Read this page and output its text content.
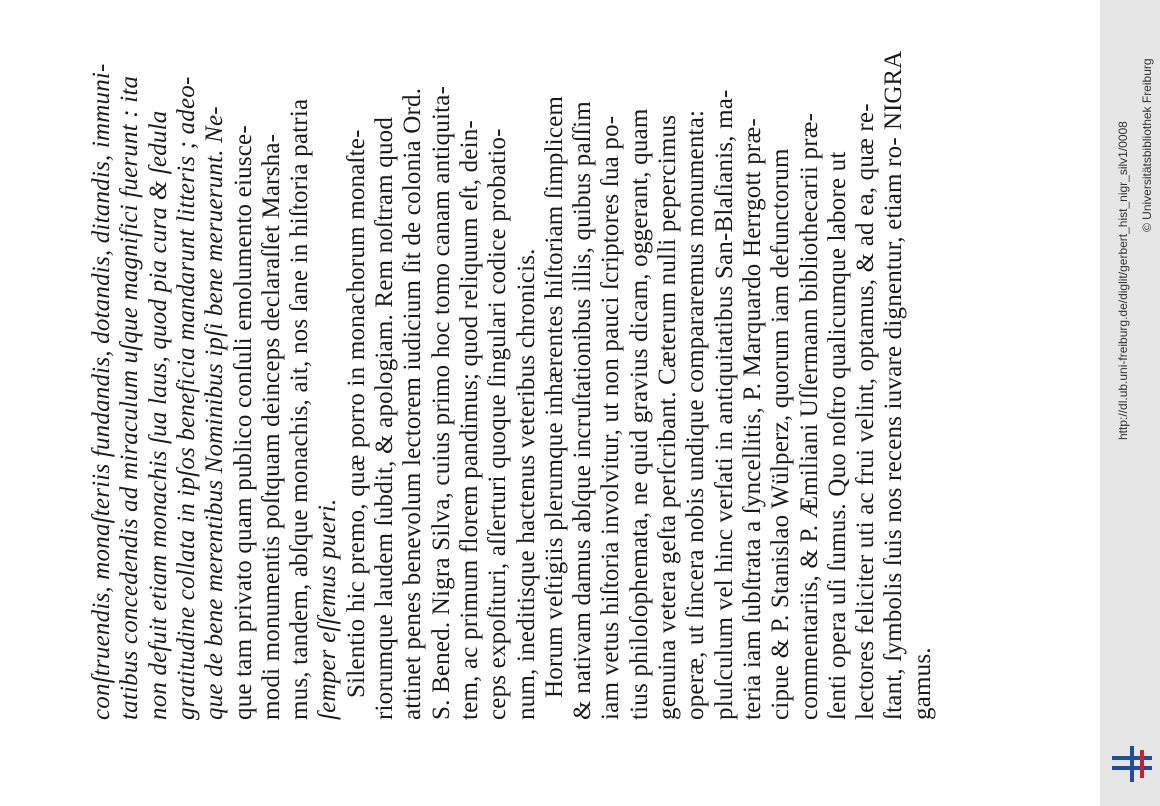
conſtruendis, monaſteriis fundandis, dotandis, ditandis, immuni- tatibus concedendis ad miraculum uſque magnifici fuerunt : ita non defuit etiam monachis ſua laus, quod pia cura & ſedula gratitudine collata in ipſos beneficia mandarunt litteris ; adeo- que de bene merentibus Nominibus ipſi bene meruerunt. Ne- que tam privato quam publico conſuli emolumento eiusce- modi monumentis poſtquam deinceps declaraſſet Marsha- mus, tandem, abſque monachis, ait, nos ſane in hiſtoria patria ſemper eſſemus pueri. Silentio hic premo, quæ porro in monachorum monaſte- riorumque laudem ſubdit, & apologiam. Rem noſtram quod attinet penes benevolum lectorem iudicium ſit de colonia Ord. S. Bened. Nigra Silva, cuius primo hoc tomo canam antiquita- tem, ac primum florem pandimus; quod reliquum eſt, dein- ceps expoſituri, aſſerturi quoque ſingulari codice probatio- num, ineditisque hactenus veteribus chronicis. Horum veſtigiis plerumque inhærentes hiſtoriam ſimplicem & nativam damus abſque incruſtationibus illis, quibus paſſim iam vetus hiſtoria involvitur, ut non pauci ſcriptores ſua po- tius philoſophemata, ne quid gravius dicam, oggerant, quam genuina vetera geſta perſcribant. Cæterum nulli pepercimus operæ, ut ſincera nobis undique compararemus monumenta: pluſculum vel hinc verſati in antiquitatibus San-Blaſianis, ma- teria iam ſubſtrata a ſyncellitis, P. Marquardo Herrgott præ- cipue & P. Stanislao Wülperz, quorum iam defunctorum commentariis, & P. Æmiliani Uſſermann bibliothecarii præ- ſenti opera uſi ſumus. Quo noſtro qualicumque labore ut lectores feliciter uti ac frui velint, optamus, & ad ea, quæ re- ſtant, ſymbolis ſuis nos recens iuvare dignentur, etiam ro- gamus.
NIGRA
http://dl.ub.uni-freiburg.de/diglit/gerbert_hist_nigr_silv1/0008 © Universitätsbibliothek Freiburg
